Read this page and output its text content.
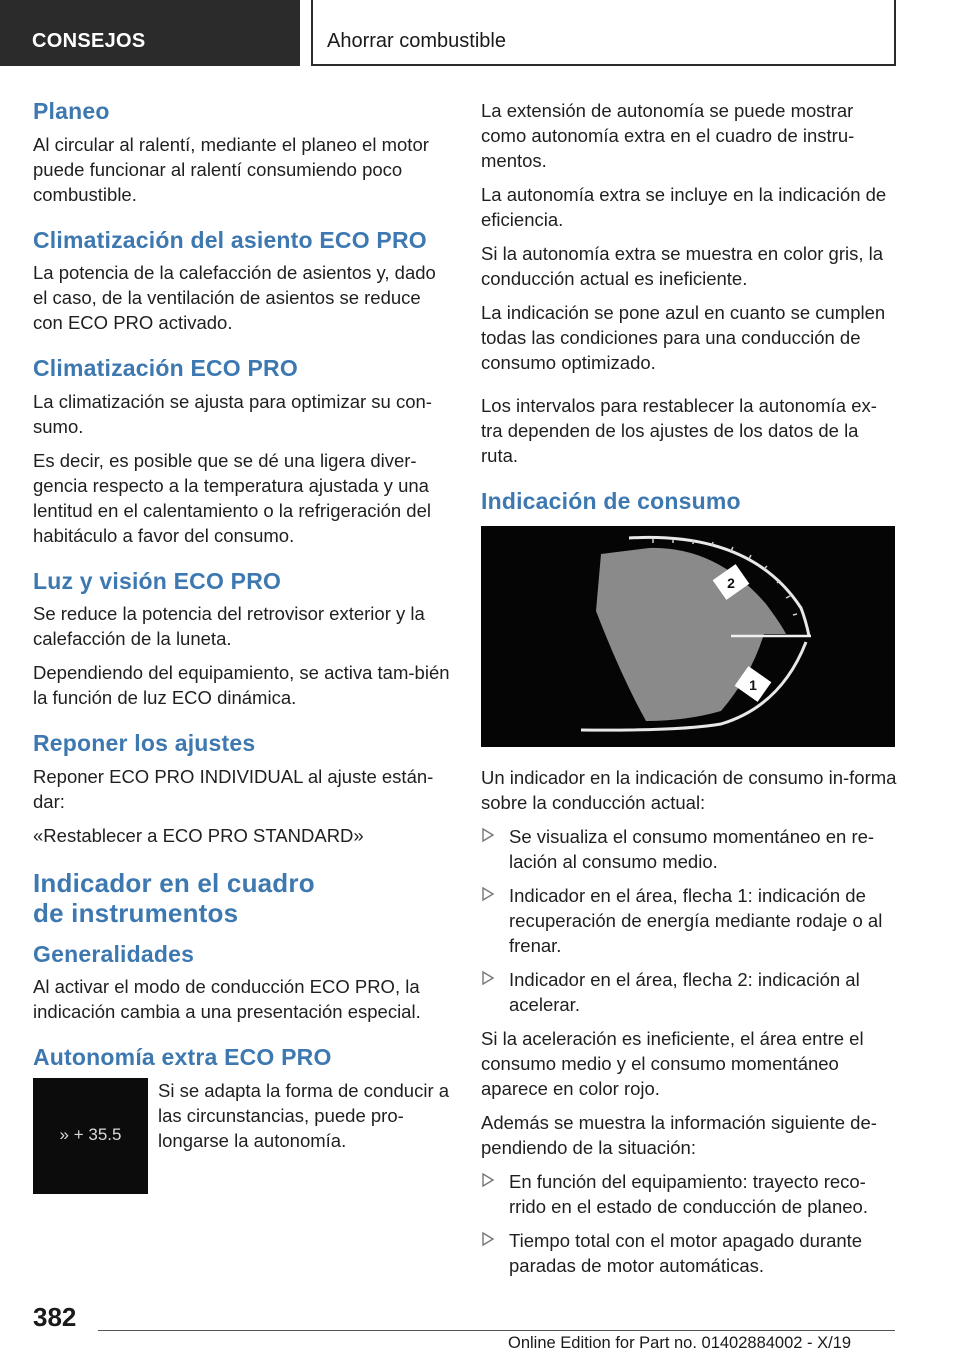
CONSEJOS	Ahorrar combustible
Planeo

Al circular al ralentí, mediante el planeo el motor puede funcionar al ralentí consumiendo poco combustible.

Climatización del asiento ECO PRO

La potencia de la calefacción de asientos y, dado el caso, de la ventilación de asientos se reduce con ECO PRO activado.

Climatización ECO PRO

La climatización se ajusta para optimizar su con-sumo.

Es decir, es posible que se dé una ligera diver-gencia respecto a la temperatura ajustada y una lentitud en el calentamiento o la refrigeración del habitáculo a favor del consumo.

Luz y visión ECO PRO

Se reduce la potencia del retrovisor exterior y la calefacción de la luneta.

Dependiendo del equipamiento, se activa tam-bién la función de luz ECO dinámica.

Reponer los ajustes

Reponer ECO PRO INDIVIDUAL al ajuste están-dar:

«Restablecer a ECO PRO STANDARD»

Indicador en el cuadro
de instrumentos
Generalidades

Al activar el modo de conducción ECO PRO, la indicación cambia a una presentación especial.

Autonomía extra ECO PRO
» + 35.5

Si se adapta la forma de conducir a las circunstancias, puede pro-longarse la autonomía.

La extensión de autonomía se puede mostrar como autonomía extra en el cuadro de instru-mentos.

La autonomía extra se incluye en la indicación de eficiencia.

Si la autonomía extra se muestra en color gris, la conducción actual es ineficiente.

La indicación se pone azul en cuanto se cumplen todas las condiciones para una conducción de consumo optimizado.

Los intervalos para restablecer la autonomía ex-tra dependen de los ajustes de los datos de la ruta.

Indicación de consumo
2
1

Un indicador en la indicación de consumo in-forma sobre la conducción actual:

Se visualiza el consumo momentáneo en re-lación al consumo medio.
Indicador en el área, flecha 1: indicación de recuperación de energía mediante rodaje o al frenar.
Indicador en el área, flecha 2: indicación al acelerar.

Si la aceleración es ineficiente, el área entre el consumo medio y el consumo momentáneo aparece en color rojo.

Además se muestra la información siguiente de-pendiendo de la situación:

En función del equipamiento: trayecto reco-rrido en el estado de conducción de planeo.
Tiempo total con el motor apagado durante paradas de motor automáticas.
382
Online Edition for Part no. 01402884002 - X/19
